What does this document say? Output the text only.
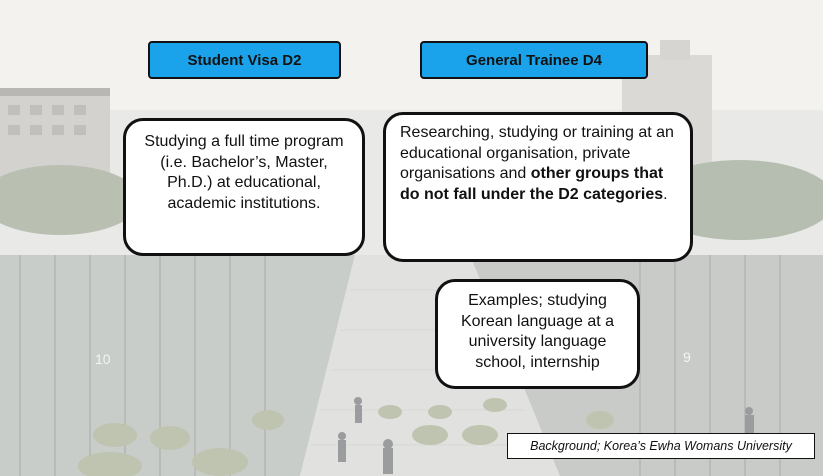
10	9
Student Visa D2	General Trainee D4
Studying a full time program (i.e. Bachelor’s, Master, Ph.D.) at educational, academic institutions.
Researching, studying or training at an educational organisation, private organisations and other groups that do not fall under the D2 categories.
Examples; studying Korean language at a university language school, internship
Background; Korea’s Ewha Womans University
